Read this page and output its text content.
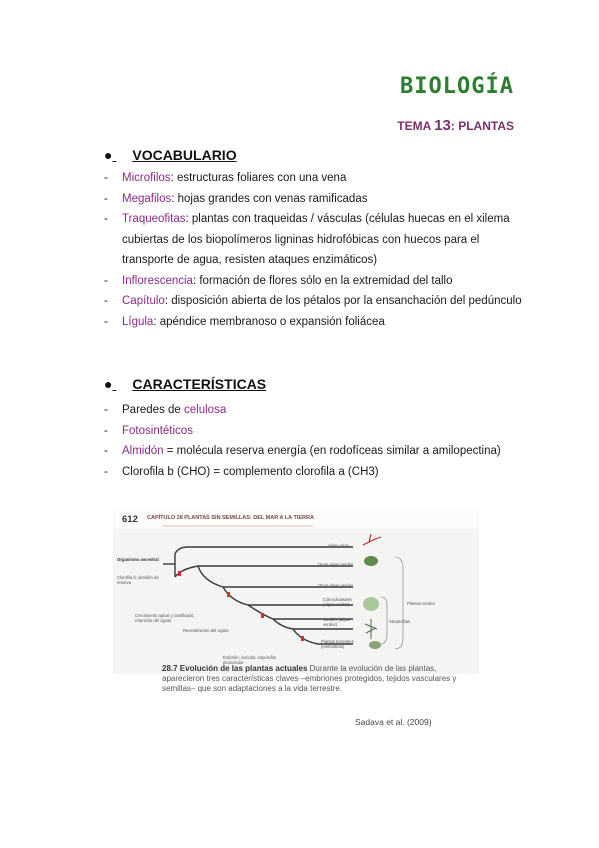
BIOLOGÍA
TEMA 13: PLANTAS
● VOCABULARIO
- Microfilos: estructuras foliares con una vena
- Megafilos: hojas grandes con venas ramificadas
- Traqueofitas: plantas con traqueidas / vásculas (células huecas en el xilema cubiertas de los biopolímeros ligninas hidrofóbicas con huecos para el transporte de agua, resisten ataques enzimáticos)
- Inflorescencia: formación de flores sólo en la extremidad del tallo
- Capítulo: disposición abierta de los pétalos por la ensanchación del pedúnculo
- Lígula: apéndice membranoso o expansión foliácea
● CARACTERÍSTICAS
- Paredes de celulosa
- Fotosintéticos
- Almidón = molécula reserva energía (en rodofíceas similar a amilopectina)
- Clorofila b (CHO) = complemento clorofila a (CH3)
612 CAPÍTULO 28 PLANTAS SIN SEMILLAS: DEL MAR A LA TIERRA
Organismo ancestral
Clorofila b; almidón de reserva
Crecimiento apical y ramificado; retención del cigoto
Revestimiento del cigoto
Embrión; cutícula; esporofito pluricelular
Algas rojas
Otras algas verdes
Otras algas verdes
Coleochaetales (algas verdes)
Carales (algas verdes)
Plantas terrestres (embriofitas)
Plantas verdes
Streptofitas
28.7 Evolución de las plantas actuales Durante la evolución de las plantas, aparecieron tres características claves –embriones protegidos, tejidos vasculares y semillas– que son adaptaciones a la vida terrestre.
Sadava et al. (2009)
